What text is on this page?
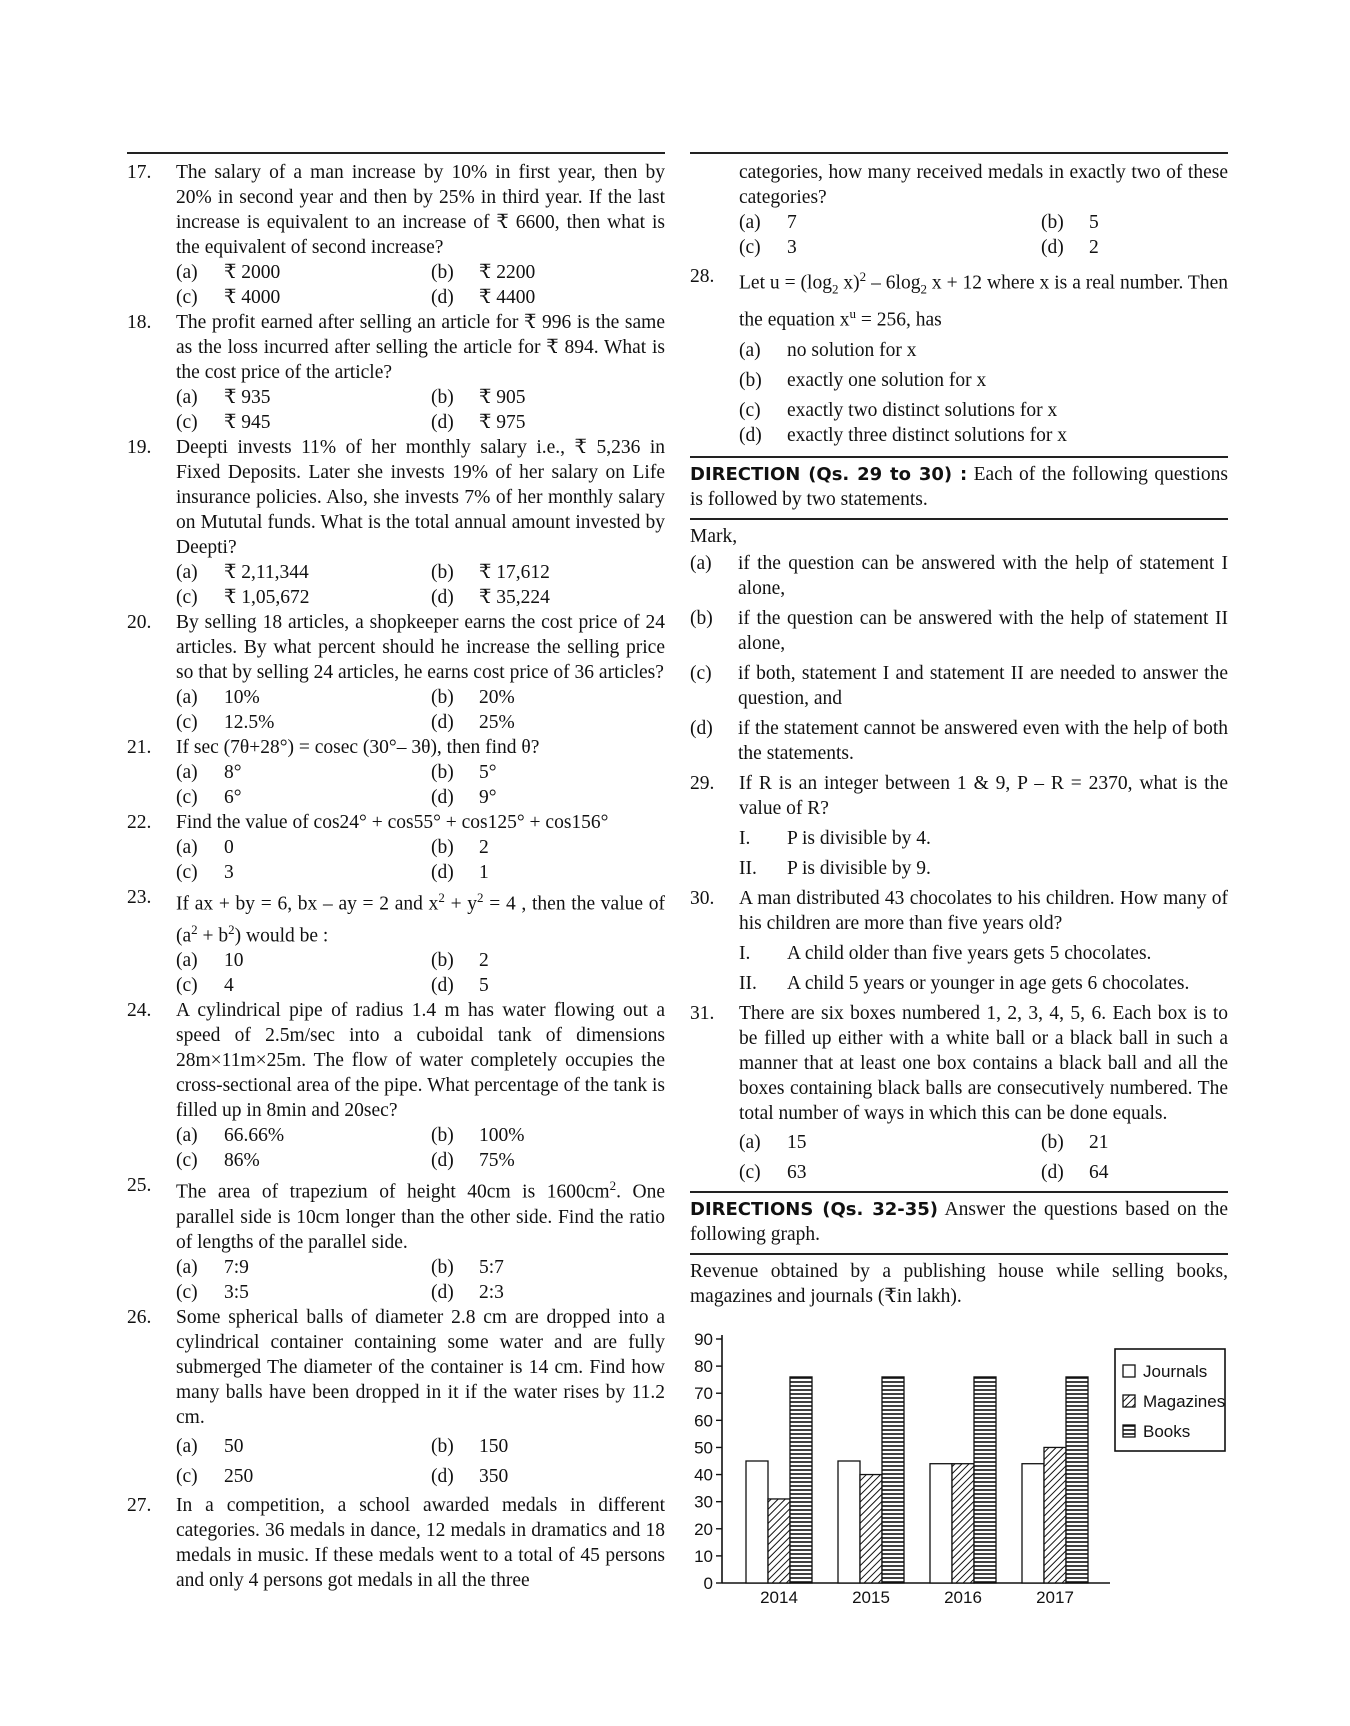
17. The salary of a man increase by 10% in first year, then by 20% in second year and then by 25% in third year. If the last increase is equivalent to an increase of ₹ 6600, then what is the equivalent of second increase?
(a)	₹ 2000	(b)	₹ 2200
(c)	₹ 4000	(d)	₹ 4400
18. The profit earned after selling an article for ₹ 996 is the same as the loss incurred after selling the article for ₹ 894. What is the cost price of the article?
(a)	₹ 935	(b)	₹ 905
(c)	₹ 945	(d)	₹ 975
19. Deepti invests 11% of her monthly salary i.e., ₹ 5,236 in Fixed Deposits. Later she invests 19% of her salary on Life insurance policies. Also, she invests 7% of her monthly salary on Mututal funds. What is the total annual amount invested by Deepti?
(a)	₹ 2,11,344	(b)	₹ 17,612
(c)	₹ 1,05,672	(d)	₹ 35,224
20. By selling 18 articles, a shopkeeper earns the cost price of 24 articles. By what percent should he increase the selling price so that by selling 24 articles, he earns cost price of 36 articles?
(a)	10%	(b)	20%
(c)	12.5%	(d)	25%
21. If sec (7θ+28°) = cosec (30°– 3θ), then find θ?
(a)	8°	(b)	5°
(c)	6°	(d)	9°
22. Find the value of cos24° + cos55° + cos125° + cos156°
(a)	0	(b)	2
(c)	3	(d)	1
23. If ax + by = 6, bx – ay = 2 and $x^2 + y^2 = 4$ , then the value of $(a^2 + b^2)$ would be :
(a)	10	(b)	2
(c)	4	(d)	5
24. A cylindrical pipe of radius 1.4 m has water flowing out a speed of 2.5m/sec into a cuboidal tank of dimensions 28m×11m×25m. The flow of water completely occupies the cross-sectional area of the pipe. What percentage of the tank is filled up in 8min and 20sec?
(a)	66.66%	(b)	100%
(c)	86%	(d)	75%
25. The area of trapezium of height 40cm is $1600cm^2$. One parallel side is 10cm longer than the other side. Find the ratio of lengths of the parallel side.
(a)	7:9	(b)	5:7
(c)	3:5	(d)	2:3
26. Some spherical balls of diameter 2.8 cm are dropped into a cylindrical container containing some water and are fully submerged The diameter of the container is 14 cm. Find how many balls have been dropped in it if the water rises by 11.2 cm.
(a)	50	(b)	150
(c)	250	(d)	350
27. In a competition, a school awarded medals in different categories. 36 medals in dance, 12 medals in dramatics and 18 medals in music. If these medals went to a total of 45 persons and only 4 persons got medals in all the three
categories, how many received medals in exactly two of these categories?
(a)	7	(b)	5
(c)	3	(d)	2
28. Let $u = (\log_2$ $x)^2 - 6\log_2$ x + 12 where x is a real number. Then the equation $x^u = 256$, has
(a)	no solution for x
(b)	exactly one solution for x
(c)	exactly two distinct solutions for x
(d)	exactly three distinct solutions for x
DIRECTION (Qs. 29 to 30) : Each of the following questions is followed by two statements.
Mark,
(a) if the question can be answered with the help of statement I alone,
(b) if the question can be answered with the help of statement II alone,
(c) if both, statement I and statement II are needed to answer the question, and
(d) if the statement cannot be answered even with the help of both the statements.
29. If R is an integer between 1 & 9, P – R = 2370, what is the value of R?
I.	P is divisible by 4.
II.	P is divisible by 9.
30. A man distributed 43 chocolates to his children. How many of his children are more than five years old?
I.	A child older than five years gets 5 chocolates.
II.	A child 5 years or younger in age gets 6 chocolates.
31. There are six boxes numbered 1, 2, 3, 4, 5, 6. Each box is to be filled up either with a white ball or a black ball in such a manner that at least one box contains a black ball and all the boxes containing black balls are consecutively numbered. The total number of ways in which this can be done equals.
(a)	15	(b)	21
(c)	63	(d)	64
DIRECTIONS (Qs. 32-35) Answer the questions based on the following graph.
Revenue obtained by a publishing house while selling books, magazines and journals (₹in lakh).
0
10
20
30
40
50
60
70
80
90
2014	2015	2016	2017
Journals
Magazines
Books
